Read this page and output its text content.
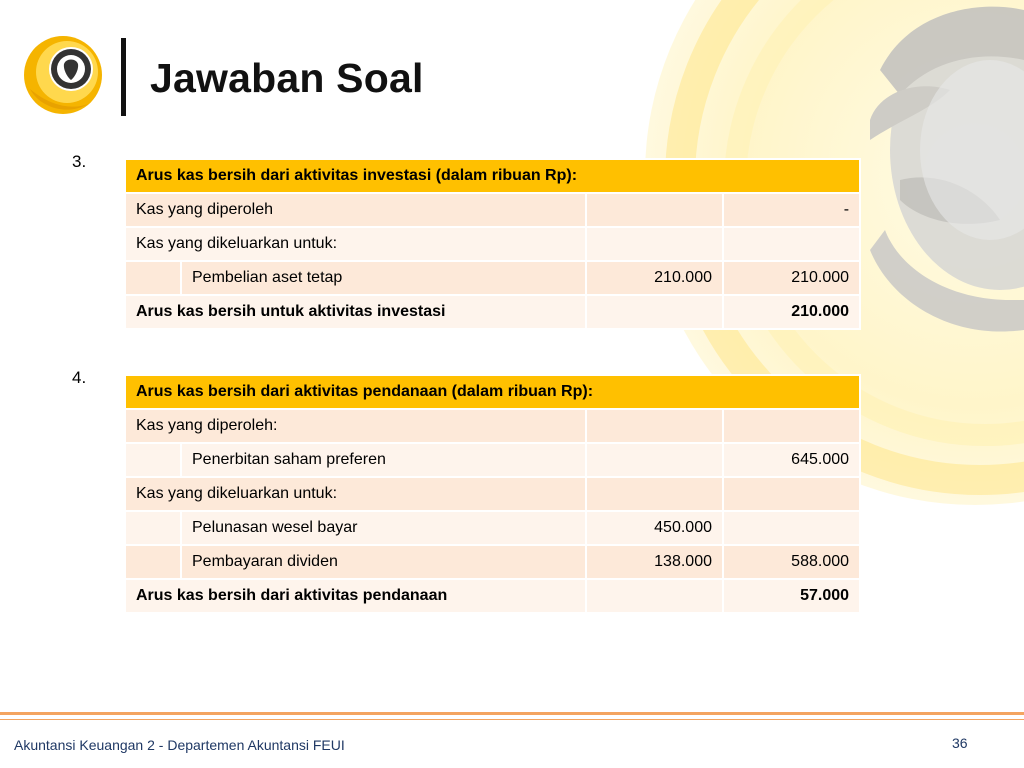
Jawaban Soal
3.
Arus kas bersih dari aktivitas investasi (dalam ribuan Rp):			
Kas yang diperoleh			-
Kas yang dikeluarkan untuk:			
	Pembelian aset tetap	210.000	210.000
Arus kas bersih untuk aktivitas investasi			210.000
4.
Arus kas bersih dari aktivitas pendanaan (dalam ribuan Rp):			
Kas yang diperoleh:			
	Penerbitan saham preferen		645.000
Kas yang dikeluarkan untuk:			
	Pelunasan wesel bayar	450.000	
	Pembayaran dividen	138.000	588.000
Arus kas bersih dari aktivitas pendanaan			57.000
Akuntansi Keuangan 2 - Departemen Akuntansi FEUI	36
